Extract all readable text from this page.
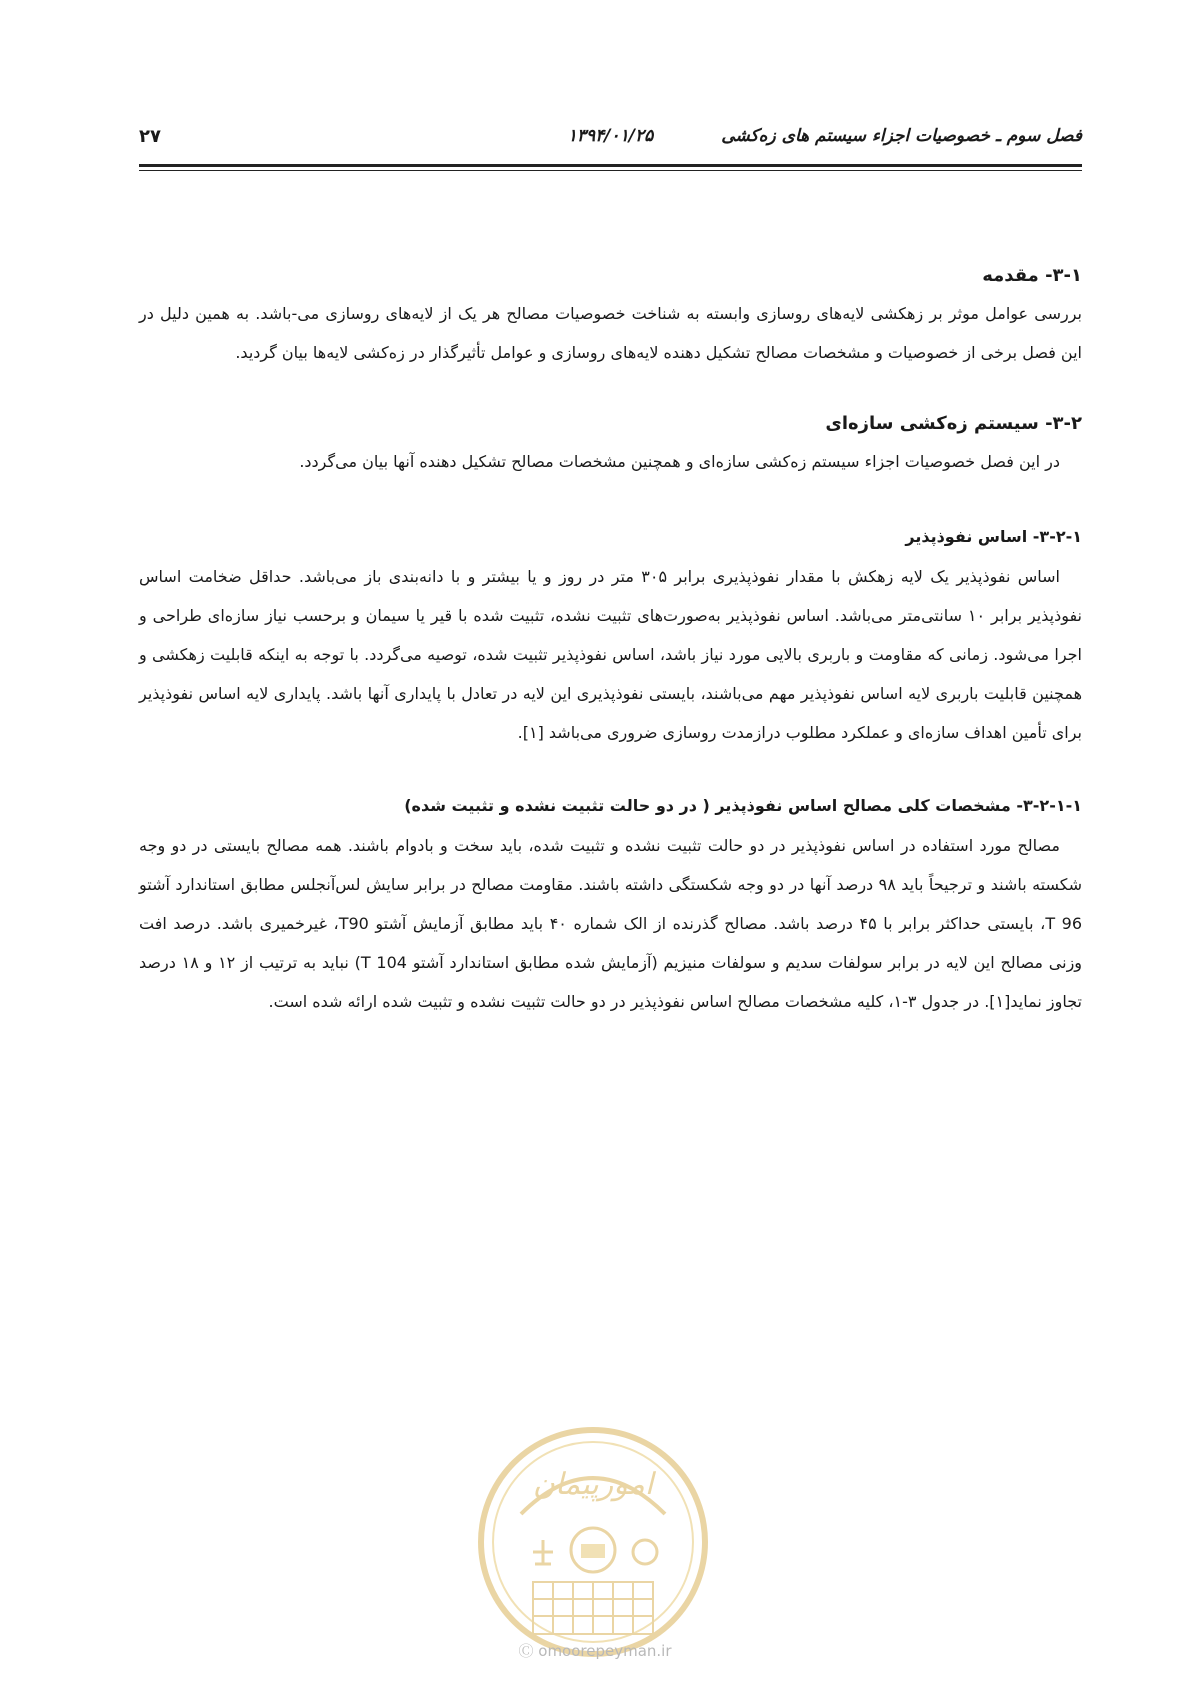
فصل سوم ـ خصوصیات اجزاء سیستم های زه‌کشی
۱۳۹۴/۰۱/۲۵
۲۷
۳-۱- مقدمه

بررسی عوامل موثر بر زهکشی لایه‌های روسازی وابسته به شناخت خصوصیات مصالح هر یک از لایه‌های روسازی می-باشد. به همین دلیل در این فصل برخی از خصوصیات و مشخصات مصالح تشکیل دهنده لایه‌های روسازی و عوامل تأثیرگذار در زه‌کشی لایه‌ها بیان گردید.

۳-۲- سیستم زه‌کشی سازه‌ای

در این فصل خصوصیات اجزاء سیستم زه‌کشی سازه‌ای و همچنین مشخصات مصالح تشکیل دهنده آنها بیان می‌گردد.

۳-۲-۱- اساس نفوذپذیر

اساس نفوذپذیر یک لایه زهکش با مقدار نفوذپذیری برابر ۳۰۵ متر در روز و یا بیشتر و با دانه‌بندی باز می‌باشد. حداقل ضخامت اساس نفوذپذیر برابر ۱۰ سانتی‌متر می‌باشد. اساس نفوذپذیر به‌صورت‌های تثبیت نشده، تثبیت شده با قیر یا سیمان و برحسب نیاز سازه‌ای طراحی و اجرا می‌شود. زمانی که مقاومت و باربری بالایی مورد نیاز باشد، اساس نفوذپذیر تثبیت شده، توصیه می‌گردد. با توجه به اینکه قابلیت زهکشی و همچنین قابلیت باربری لایه اساس نفوذپذیر مهم می‌باشند، بایستی نفوذپذیری این لایه در تعادل با پایداری آنها باشد. پایداری لایه اساس نفوذپذیر برای تأمین اهداف سازه‌ای و عملکرد مطلوب درازمدت روسازی ضروری می‌باشد [۱].

۳-۲-۱-۱- مشخصات کلی مصالح اساس نفوذپذیر ( در دو حالت تثبیت نشده و تثبیت شده)

مصالح مورد استفاده در اساس نفوذپذیر در دو حالت تثبیت نشده و تثبیت شده، باید سخت و بادوام باشند. همه مصالح بایستی در دو وجه شکسته باشند و ترجیحاً باید ۹۸ درصد آنها در دو وجه شکستگی داشته باشند. مقاومت مصالح در برابر سایش لس‌آنجلس مطابق استاندارد آشتو T 96، بایستی حداکثر برابر با ۴۵ درصد باشد. مصالح گذرنده از الک شماره ۴۰ باید مطابق آزمایش آشتو T90، غیرخمیری باشد. درصد افت وزنی مصالح این لایه در برابر سولفات سدیم و سولفات منیزیم (آزمایش شده مطابق استاندارد آشتو T 104) نباید به ترتیب از ۱۲ و ۱۸ درصد تجاوز نماید[۱]. در جدول ۳-۱، کلیه مشخصات مصالح اساس نفوذپذیر در دو حالت تثبیت نشده و تثبیت شده ارائه شده است.

امورپیمان
Ⓒ omoorepeyman.ir
